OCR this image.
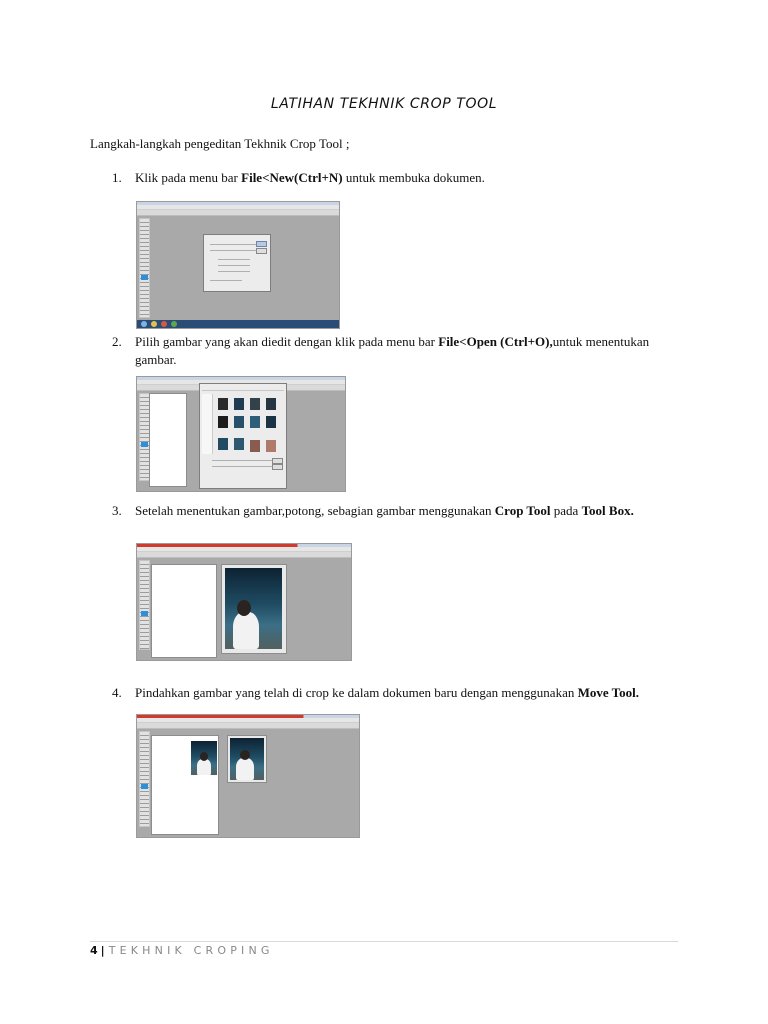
LATIHAN TEKHNIK CROP TOOL
Langkah-langkah pengeditan Tekhnik Crop Tool ;
1.	Klik pada menu bar File<New(Ctrl+N) untuk membuka dokumen.
2.	Pilih gambar yang akan diedit dengan klik pada menu bar File<Open (Ctrl+O),untuk menentukan gambar.
3.	Setelah menentukan gambar,potong, sebagian gambar menggunakan Crop Tool pada Tool Box.
4.	Pindahkan gambar yang telah di crop ke dalam dokumen baru dengan menggunakan Move Tool.
4 | TEKHNIK CROPING
